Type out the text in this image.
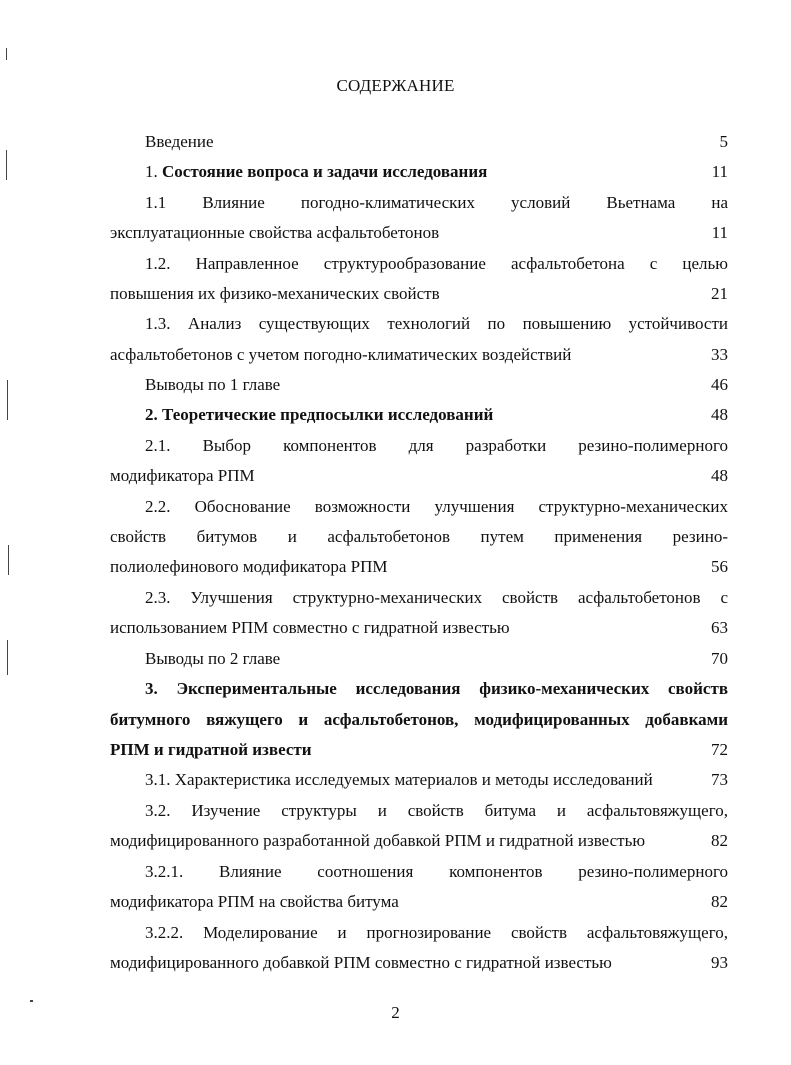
СОДЕРЖАНИЕ
Введение	5
1. Состояние вопроса и задачи исследования	11
1.1 Влияние погодно-климатических условий Вьетнама на
эксплуатационные свойства асфальтобетонов	11
1.2. Направленное структурообразование асфальтобетона с целью
повышения их физико-механических свойств	21
1.3. Анализ существующих технологий по повышению устойчивости
асфальтобетонов с учетом погодно-климатических воздействий	33
Выводы по 1 главе	46
2. Теоретические предпосылки исследований	48
2.1. Выбор компонентов для разработки резино-полимерного
модификатора РПМ	48
2.2. Обоснование возможности улучшения структурно-механических
свойств битумов и асфальтобетонов путем применения резино-
полиолефинового модификатора РПМ	56
2.3. Улучшения структурно-механических свойств асфальтобетонов с
использованием РПМ совместно с гидратной известью	63
Выводы по 2 главе	70
3. Экспериментальные исследования физико-механических свойств
битумного вяжущего и асфальтобетонов, модифицированных добавками
РПМ и гидратной извести	72
3.1. Характеристика исследуемых материалов и методы исследований	73
3.2. Изучение структуры и свойств битума и асфальтовяжущего,
модифицированного разработанной добавкой РПМ и гидратной известью	82
3.2.1. Влияние соотношения компонентов резино-полимерного
модификатора РПМ на свойства битума	82
3.2.2. Моделирование и прогнозирование свойств асфальтовяжущего,
модифицированного добавкой РПМ совместно с гидратной известью	93
2
